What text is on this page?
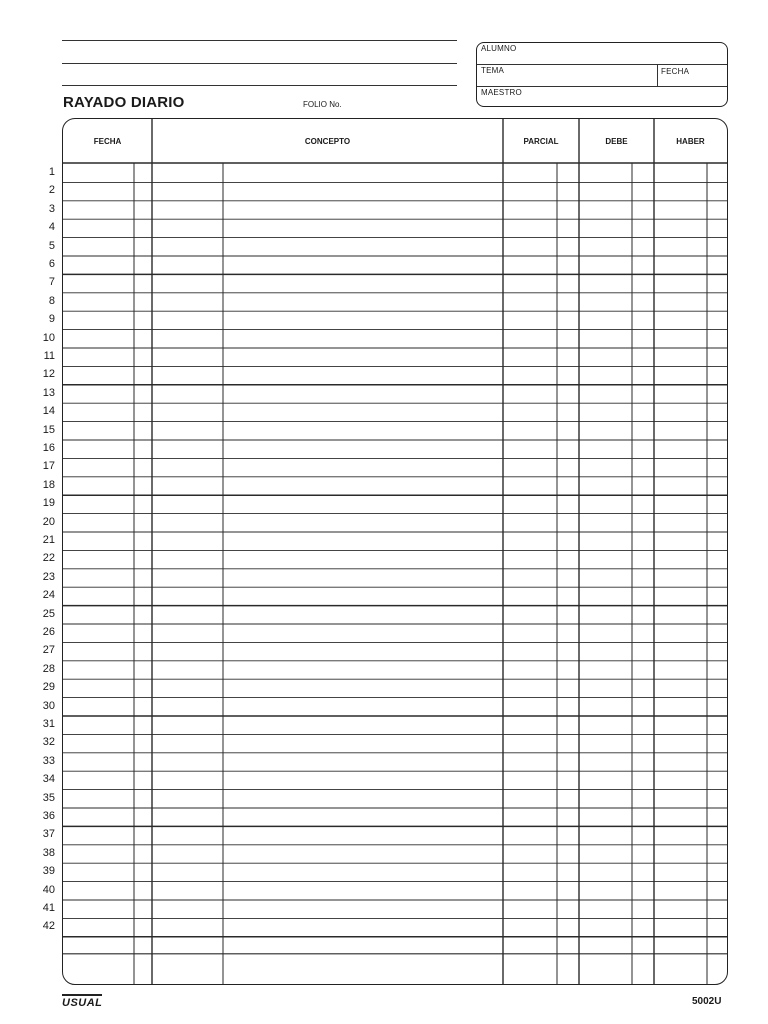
ALUMNO
TEMA	FECHA
MAESTRO
RAYADO DIARIO	FOLIO No.
FECHA	CONCEPTO	PARCIAL	DEBE	HABER
1
2
3
4
5
6
7
8
9
10
11
12
13
14
15
16
17
18
19
20
21
22
23
24
25
26
27
28
29
30
31
32
33
34
35
36
37
38
39
40
41
42
USUAL	5002U
